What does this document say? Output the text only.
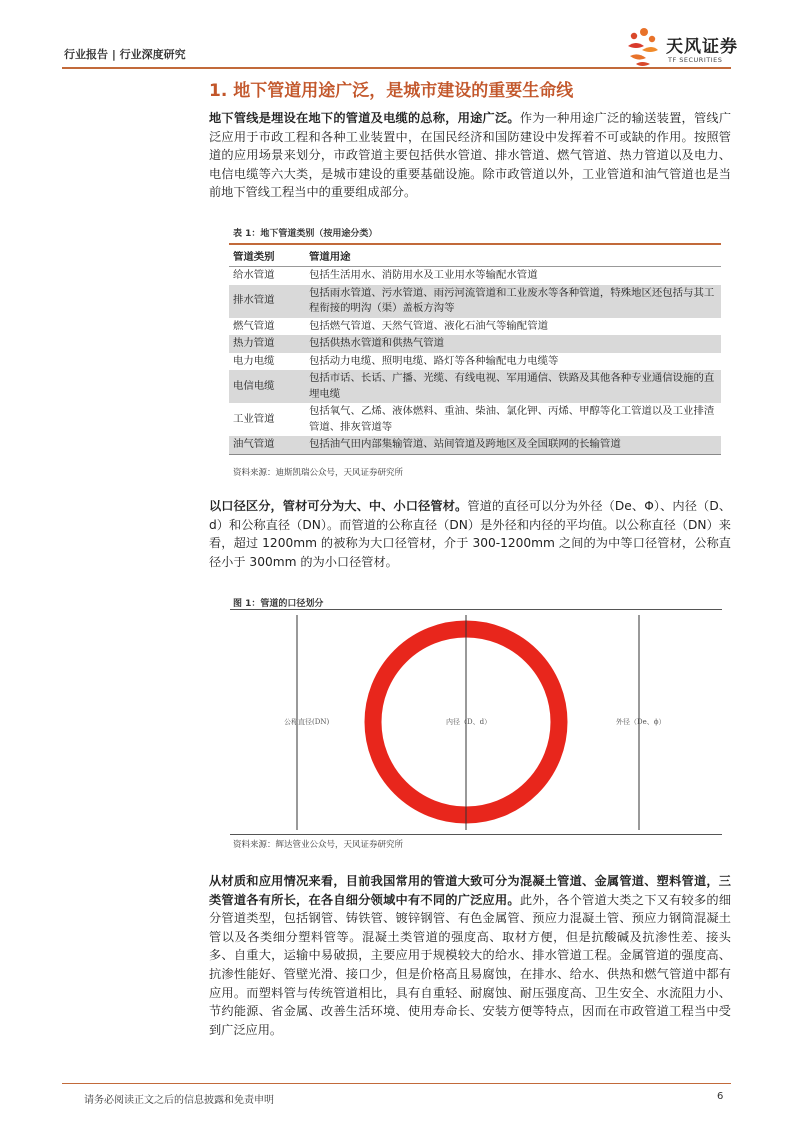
行业报告 | 行业深度研究	天风证券
TF SECURITIES
1. 地下管道用途广泛，是城市建设的重要生命线
地下管线是埋设在地下的管道及电缆的总称，用途广泛。作为一种用途广泛的输送装置，管线广泛应用于市政工程和各种工业装置中，在国民经济和国防建设中发挥着不可或缺的作用。按照管道的应用场景来划分，市政管道主要包括供水管道、排水管道、燃气管道、热力管道以及电力、电信电缆等六大类，是城市建设的重要基础设施。除市政管道以外，工业管道和油气管道也是当前地下管线工程当中的重要组成部分。
表 1：地下管道类别（按用途分类）
管道类别	管道用途
给水管道	包括生活用水、消防用水及工业用水等输配水管道
排水管道	包括雨水管道、污水管道、雨污河流管道和工业废水等各种管道，特殊地区还包括与其工程衔接的明沟（渠）盖板方沟等
燃气管道	包括燃气管道、天然气管道、液化石油气等输配管道
热力管道	包括供热水管道和供热气管道
电力电缆	包括动力电缆、照明电缆、路灯等各种输配电力电缆等
电信电缆	包括市话、长话、广播、光缆、有线电视、军用通信、铁路及其他各种专业通信设施的直埋电缆
工业管道	包括氧气、乙烯、液体燃料、重油、柴油、氯化钾、丙烯、甲醇等化工管道以及工业排渣管道、排灰管道等
油气管道	包括油气田内部集输管道、站间管道及跨地区及全国联网的长输管道
资料来源：迪斯凯瑞公众号，天风证券研究所
以口径区分，管材可分为大、中、小口径管材。管道的直径可以分为外径（De、Φ）、内径（D、d）和公称直径（DN）。而管道的公称直径（DN）是外径和内径的平均值。以公称直径（DN）来看，超过 1200mm 的被称为大口径管材，介于 300-1200mm 之间的为中等口径管材，公称直径小于 300mm 的为小口径管材。
图 1：管道的口径划分
公称直径(DN)	内径（D、d）	外径（De、ϕ）
资料来源：辉达管业公众号，天风证券研究所
从材质和应用情况来看，目前我国常用的管道大致可分为混凝土管道、金属管道、塑料管道，三类管道各有所长，在各自细分领域中有不同的广泛应用。此外，各个管道大类之下又有较多的细分管道类型，包括钢管、铸铁管、镀锌钢管、有色金属管、预应力混凝土管、预应力钢筒混凝土管以及各类细分塑料管等。混凝土类管道的强度高、取材方便，但是抗酸碱及抗渗性差、接头多、自重大，运输中易破损，主要应用于规模较大的给水、排水管道工程。金属管道的强度高、抗渗性能好、管壁光滑、接口少，但是价格高且易腐蚀，在排水、给水、供热和燃气管道中都有应用。而塑料管与传统管道相比，具有自重轻、耐腐蚀、耐压强度高、卫生安全、水流阻力小、节约能源、省金属、改善生活环境、使用寿命长、安装方便等特点，因而在市政管道工程当中受到广泛应用。
请务必阅读正文之后的信息披露和免责申明	6
